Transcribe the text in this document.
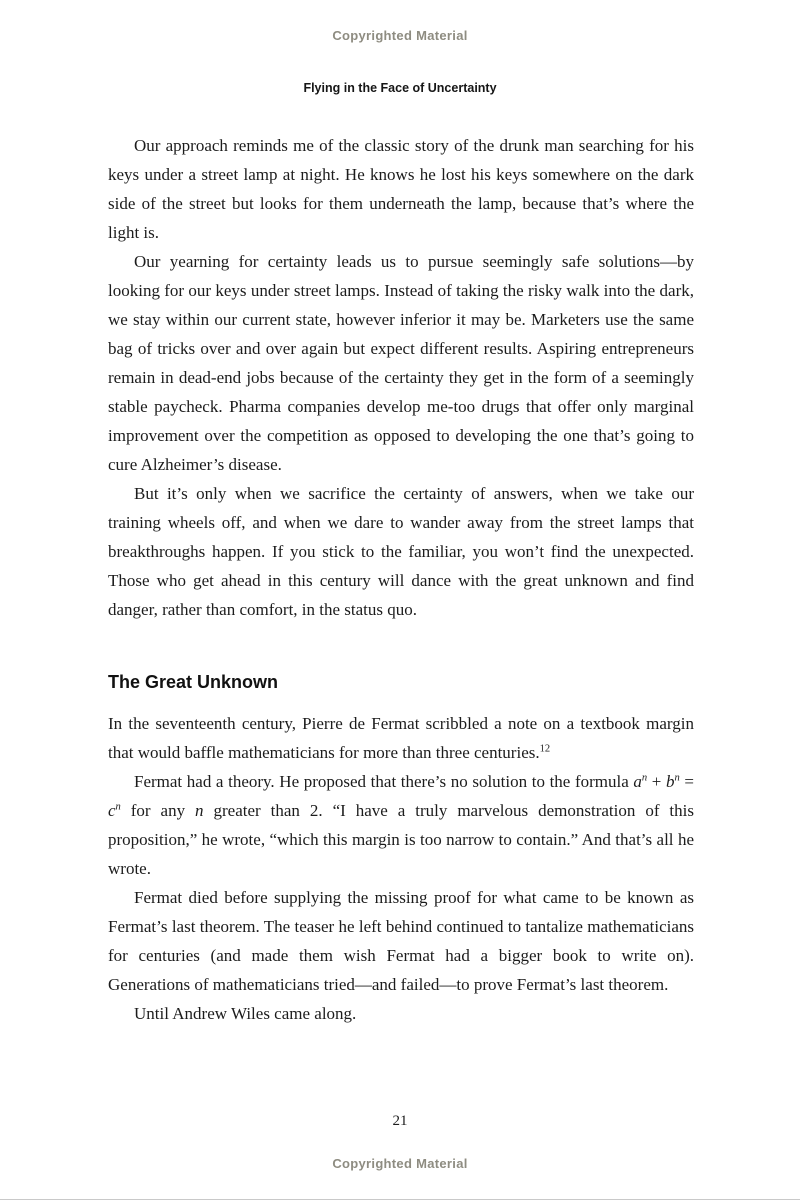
Copyrighted Material
Flying in the Face of Uncertainty

Our approach reminds me of the classic story of the drunk man searching for his keys under a street lamp at night. He knows he lost his keys somewhere on the dark side of the street but looks for them underneath the lamp, because that’s where the light is.

Our yearning for certainty leads us to pursue seemingly safe solutions—by looking for our keys under street lamps. Instead of taking the risky walk into the dark, we stay within our current state, however inferior it may be. Marketers use the same bag of tricks over and over again but expect different results. Aspiring entrepreneurs remain in dead-end jobs because of the certainty they get in the form of a seemingly stable paycheck. Pharma companies develop me-too drugs that offer only marginal improvement over the competition as opposed to developing the one that’s going to cure Alzheimer’s disease.

But it’s only when we sacrifice the certainty of answers, when we take our training wheels off, and when we dare to wander away from the street lamps that breakthroughs happen. If you stick to the familiar, you won’t find the unexpected. Those who get ahead in this century will dance with the great unknown and find danger, rather than comfort, in the status quo.

The Great Unknown

In the seventeenth century, Pierre de Fermat scribbled a note on a textbook margin that would baffle mathematicians for more than three centuries.$^{12}$

Fermat had a theory. He proposed that there’s no solution to the formula $a^n + b^n = c^n$ for any n greater than 2. “I have a truly marvelous demonstration of this proposition,” he wrote, “which this margin is too narrow to contain.” And that’s all he wrote.

Fermat died before supplying the missing proof for what came to be known as Fermat’s last theorem. The teaser he left behind continued to tantalize mathematicians for centuries (and made them wish Fermat had a bigger book to write on). Generations of mathematicians tried—and failed—to prove Fermat’s last theorem.

Until Andrew Wiles came along.

21
Copyrighted Material
